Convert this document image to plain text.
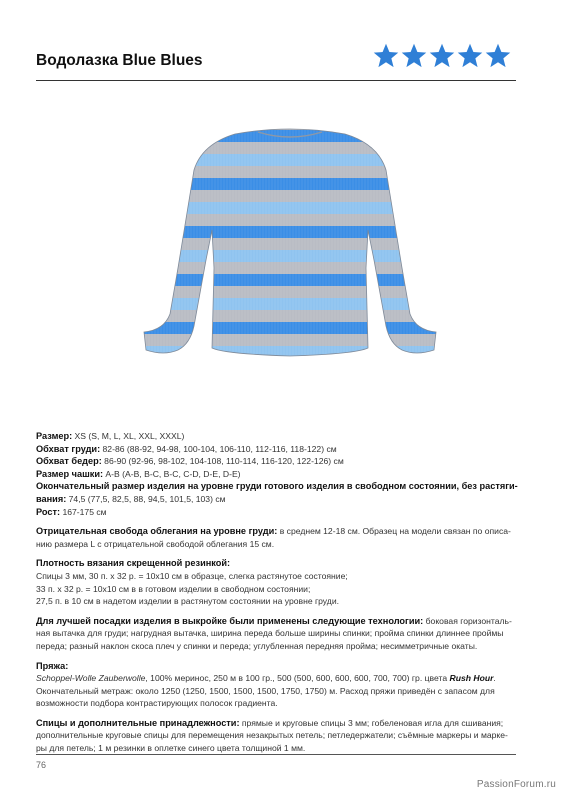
Водолазка Blue Blues

Размер: XS (S, M, L, XL, XXL, XXXL)

Обхват груди: 82-86 (88-92, 94-98, 100-104, 106-110, 112-116, 118-122) см

Обхват бедер: 86-90 (92-96, 98-102, 104-108, 110-114, 116-120, 122-126) см

Размер чашки: A-B (A-B, B-C, B-C, C-D, D-E, D-E)

Окончательный размер изделия на уровне груди готового изделия в свободном состоянии, без растяги-вания: 74,5 (77,5, 82,5, 88, 94,5, 101,5, 103) см

Рост: 167-175 см

Отрицательная свобода облегания на уровне груди: в среднем 12-18 см. Образец на модели связан по описа-нию размера L с отрицательной свободой облегания 15 см.

Плотность вязания скрещенной резинкой:

Спицы 3 мм, 30 п. х 32 р. = 10x10 см в образце, слегка растянутое состояние;

33 п. х 32 р. = 10x10 см в в готовом изделии в свободном состоянии;

27,5 п. в 10 см в надетом изделии в растянутом состоянии на уровне груди.

Для лучшей посадки изделия в выкройке были применены следующие технологии: боковая горизонталь-ная вытачка для груди; нагрудная вытачка, ширина переда больше ширины спинки; пройма спинки длиннее проймы переда; разный наклон скоса плеч у спинки и переда; углубленная передняя пройма; несимметричные окаты.

Пряжа:

Schoppel-Wolle Zauberwolle, 100% меринос, 250 м в 100 гр., 500 (500, 600, 600, 600, 700, 700) гр. цвета Rush Hour. Окончательный метраж: около 1250 (1250, 1500, 1500, 1500, 1750, 1750) м. Расход пряжи приведён с запасом для возможности подбора контрастирующих полосок градиента.

Спицы и дополнительные принадлежности: прямые и круговые спицы 3 мм; гобеленовая игла для сшивания; дополнительные круговые спицы для перемещения незакрытых петель; петледержатели; съёмные маркеры и марке-ры для петель; 1 м резинки в оплетке синего цвета толщиной 1 мм.

76
PassionForum.ru
